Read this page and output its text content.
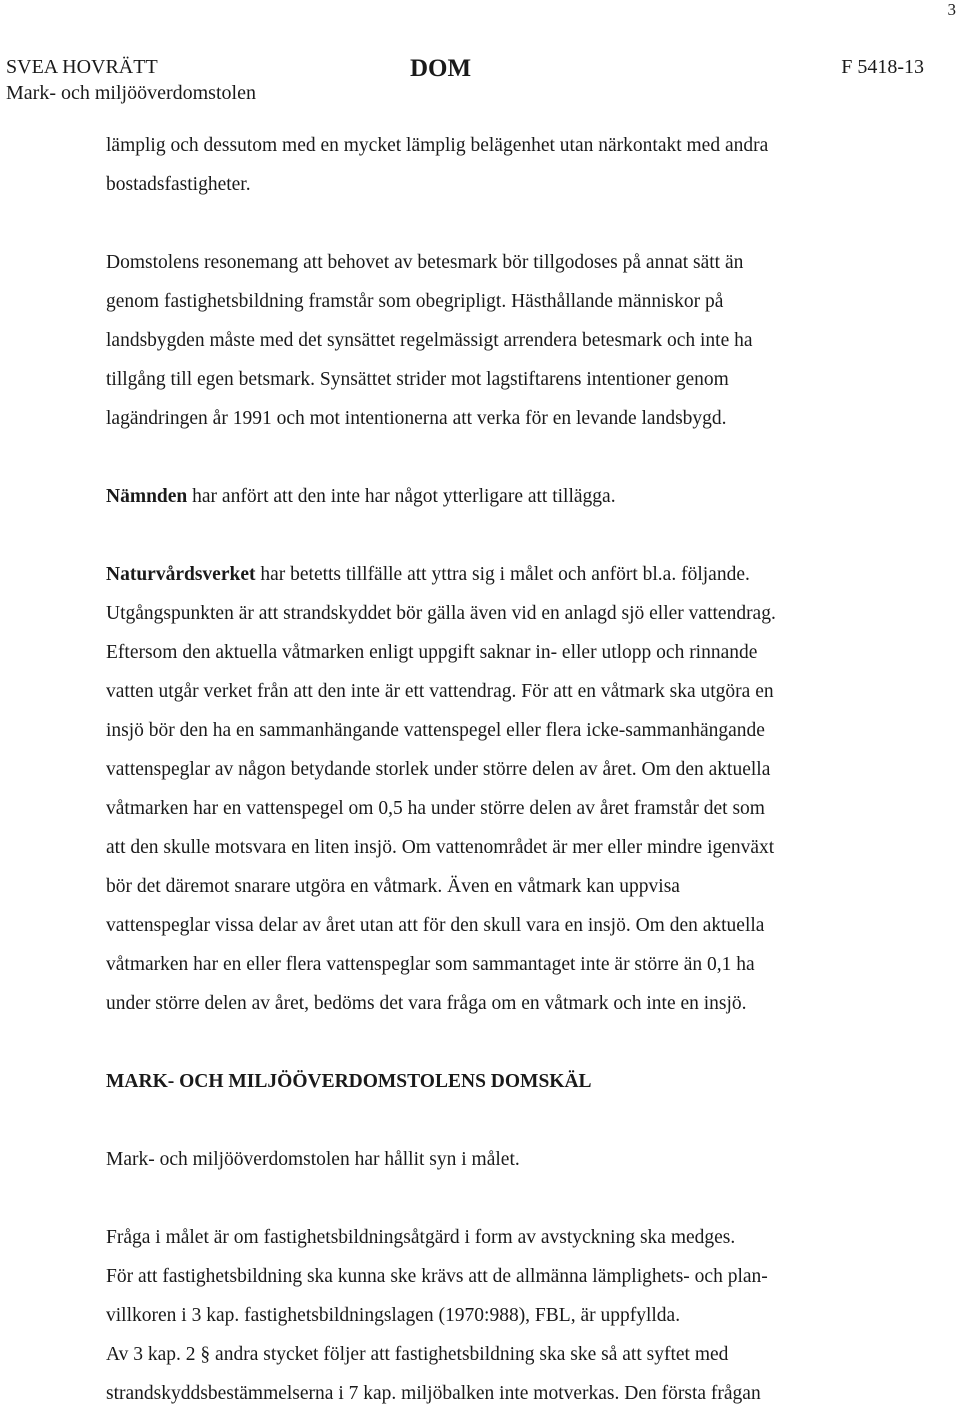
3
SVEA HOVRÄTT
Mark- och miljööverdomstolen
DOM	F 5418-13

lämplig och dessutom med en mycket lämplig belägenhet utan närkontakt med andra

bostadsfastigheter.

Domstolens resonemang att behovet av betesmark bör tillgodoses på annat sätt än

genom fastighetsbildning framstår som obegripligt. Hästhållande människor på

landsbygden måste med det synsättet regelmässigt arrendera betesmark och inte ha

tillgång till egen betsmark. Synsättet strider mot lagstiftarens intentioner genom

lagändringen år 1991 och mot intentionerna att verka för en levande landsbygd.

Nämnden har anfört att den inte har något ytterligare att tillägga.

Naturvårdsverket har betetts tillfälle att yttra sig i målet och anfört bl.a. följande.

Utgångspunkten är att strandskyddet bör gälla även vid en anlagd sjö eller vattendrag.

Eftersom den aktuella våtmarken enligt uppgift saknar in- eller utlopp och rinnande

vatten utgår verket från att den inte är ett vattendrag. För att en våtmark ska utgöra en

insjö bör den ha en sammanhängande vattenspegel eller flera icke-sammanhängande

vattenspeglar av någon betydande storlek under större delen av året. Om den aktuella

våtmarken har en vattenspegel om 0,5 ha under större delen av året framstår det som

att den skulle motsvara en liten insjö. Om vattenområdet är mer eller mindre igenväxt

bör det däremot snarare utgöra en våtmark. Även en våtmark kan uppvisa

vattenspeglar vissa delar av året utan att för den skull vara en insjö. Om den aktuella

våtmarken har en eller flera vattenspeglar som sammantaget inte är större än 0,1 ha

under större delen av året, bedöms det vara fråga om en våtmark och inte en insjö.

MARK- OCH MILJÖÖVERDOMSTOLENS DOMSKÄL

Mark- och miljööverdomstolen har hållit syn i målet.

Fråga i målet är om fastighetsbildningsåtgärd i form av avstyckning ska medges.

För att fastighetsbildning ska kunna ske krävs att de allmänna lämplighets- och plan-

villkoren i 3 kap. fastighetsbildningslagen (1970:988), FBL, är uppfyllda.

Av 3 kap. 2 § andra stycket följer att fastighetsbildning ska ske så att syftet med

strandskyddsbestämmelserna i 7 kap. miljöbalken inte motverkas. Den första frågan
